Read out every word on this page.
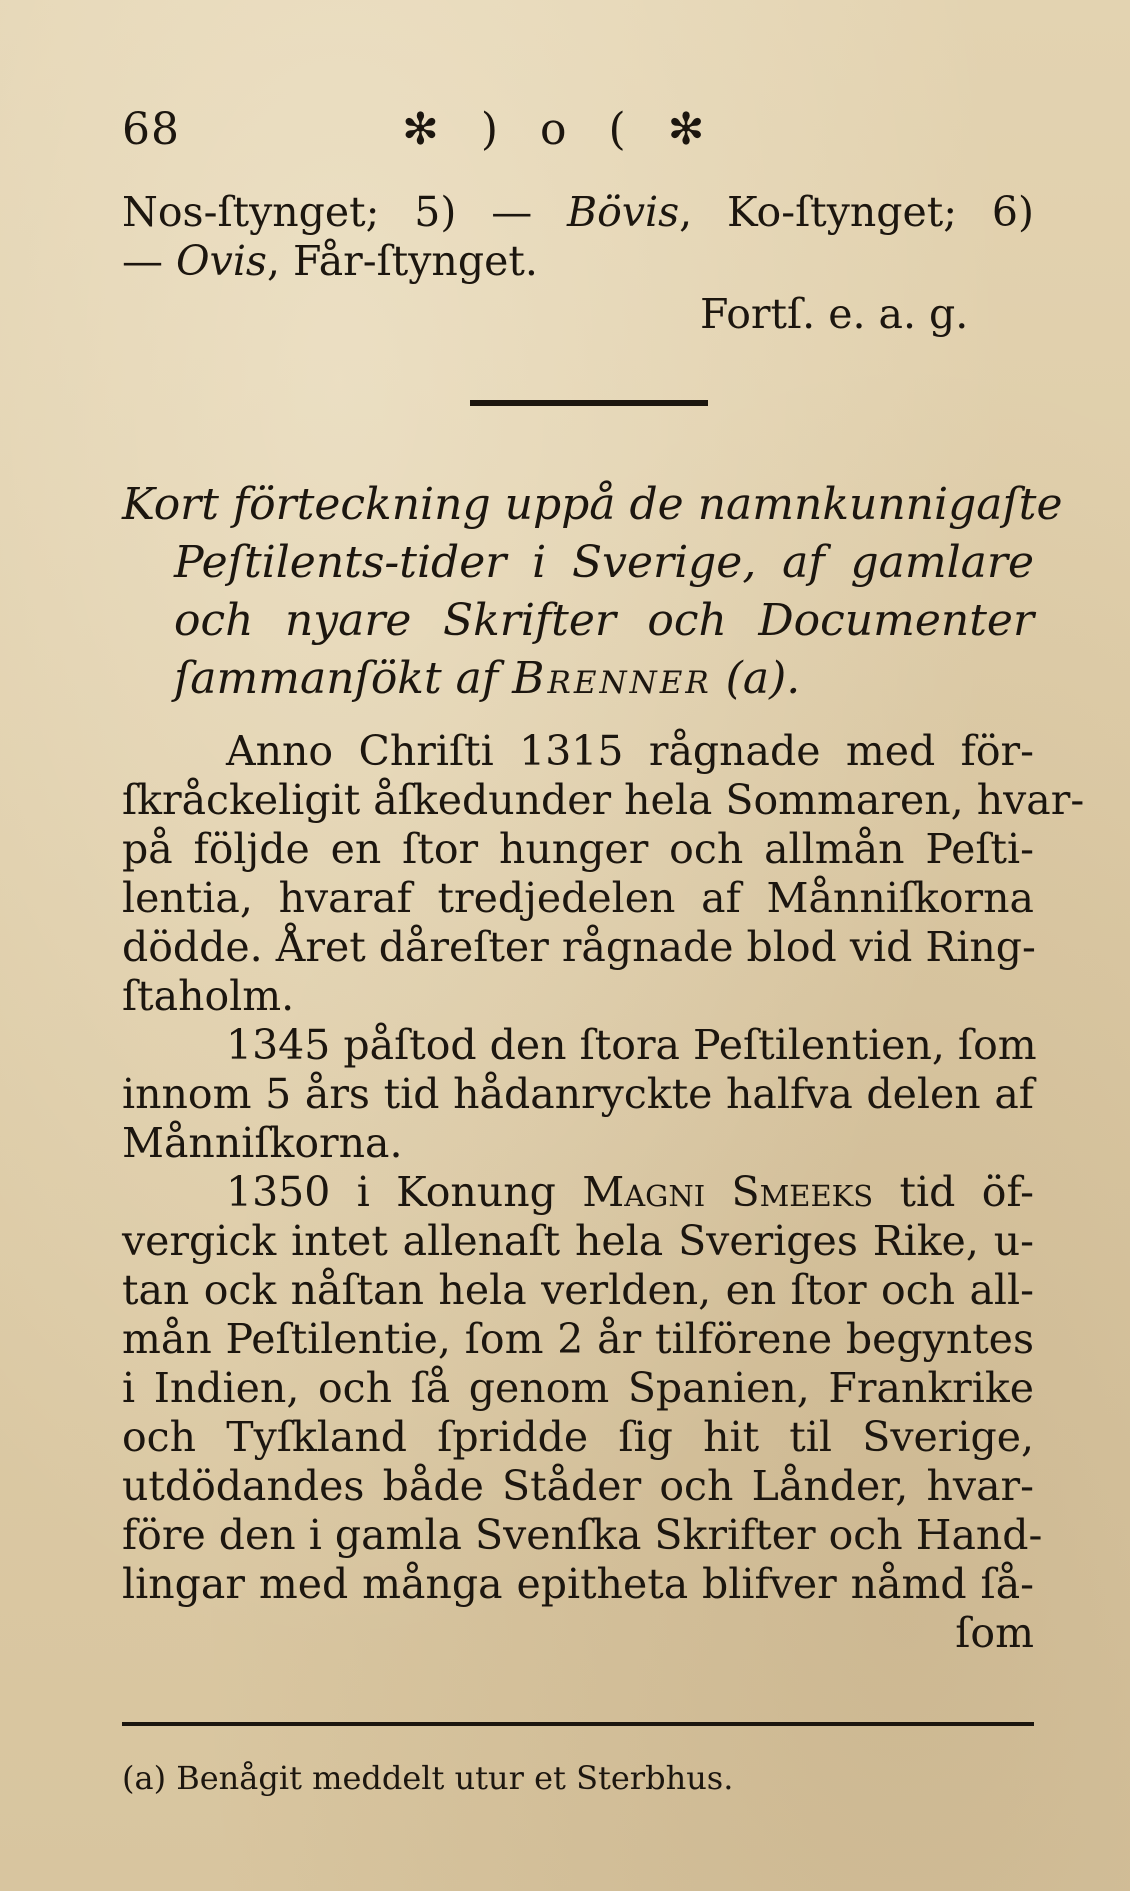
68	✻ ) o ( ✻
Nos-ſtynget; 5) — Bövis, Ko-ſtynget; 6)
— Ovis, Får-ſtynget.
Fortſ. e. a. g.
Kort förteckning uppå de namnkunnigaſte
Peſtilents-tider i Sverige, af gamlare
och nyare Skrifter och Documenter
ſammanſökt af Brenner (a).
Anno Chriſti 1315 rågnade med för-
ſkråckeligit åſkedunder hela Sommaren, hvar-
på följde en ſtor hunger och allmån Peſti-
lentia, hvaraf tredjedelen af Månniſkorna
dödde. Året dåreſter rågnade blod vid Ring-
ſtaholm.
1345 påſtod den ſtora Peſtilentien, ſom
innom 5 års tid hådanryckte halfva delen af
Månniſkorna.
1350 i Konung Magni Smeeks tid öf-
vergick intet allenaſt hela Sveriges Rike, u-
tan ock nåſtan hela verlden, en ſtor och all-
mån Peſtilentie, ſom 2 år tilförene begyntes
i Indien, och ſå genom Spanien, Frankrike
och Tyſkland ſpridde ſig hit til Sverige,
utdödandes både Ståder och Lånder, hvar-
före den i gamla Svenſka Skrifter och Hand-
lingar med många epitheta blifver nåmd ſå-
ſom
(a) Benågit meddelt utur et Sterbhus.
